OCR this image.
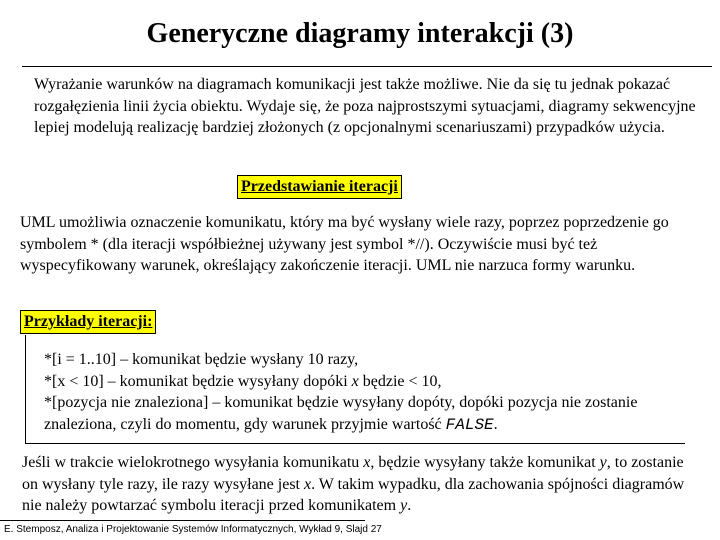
Generyczne diagramy interakcji (3)

Wyrażanie warunków na diagramach komunikacji jest także możliwe. Nie da się tu jednak pokazać rozgałęzienia linii życia obiektu. Wydaje się, że poza najprostszymi sytuacjami, diagramy sekwencyjne lepiej modelują realizację bardziej złożonych (z opcjonalnymi scenariuszami) przypadków użycia.

Przedstawianie iteracji

UML umożliwia oznaczenie komunikatu, który ma być wysłany wiele razy, poprzez poprzedzenie go symbolem * (dla iteracji współbieżnej używany jest symbol *//). Oczywiście musi być też wyspecyfikowany warunek, określający zakończenie iteracji. UML nie narzuca formy warunku.

Przykłady iteracji:
*[i = 1..10] – komunikat będzie wysłany 10 razy,
*[x < 10] – komunikat będzie wysyłany dopóki x będzie < 10,
*[pozycja nie znaleziona] – komunikat będzie wysyłany dopóty, dopóki pozycja nie zostanie znaleziona, czyli do momentu, gdy warunek przyjmie wartość FALSE.

Jeśli w trakcie wielokrotnego wysyłania komunikatu x, będzie wysyłany także komunikat y, to zostanie on wysłany tyle razy, ile razy wysyłane jest x. W takim wypadku, dla zachowania spójności diagramów nie należy powtarzać symbolu iteracji przed komunikatem y.

E. Stemposz, Analiza i Projektowanie Systemów Informatycznych, Wykład 9, Slajd 27
